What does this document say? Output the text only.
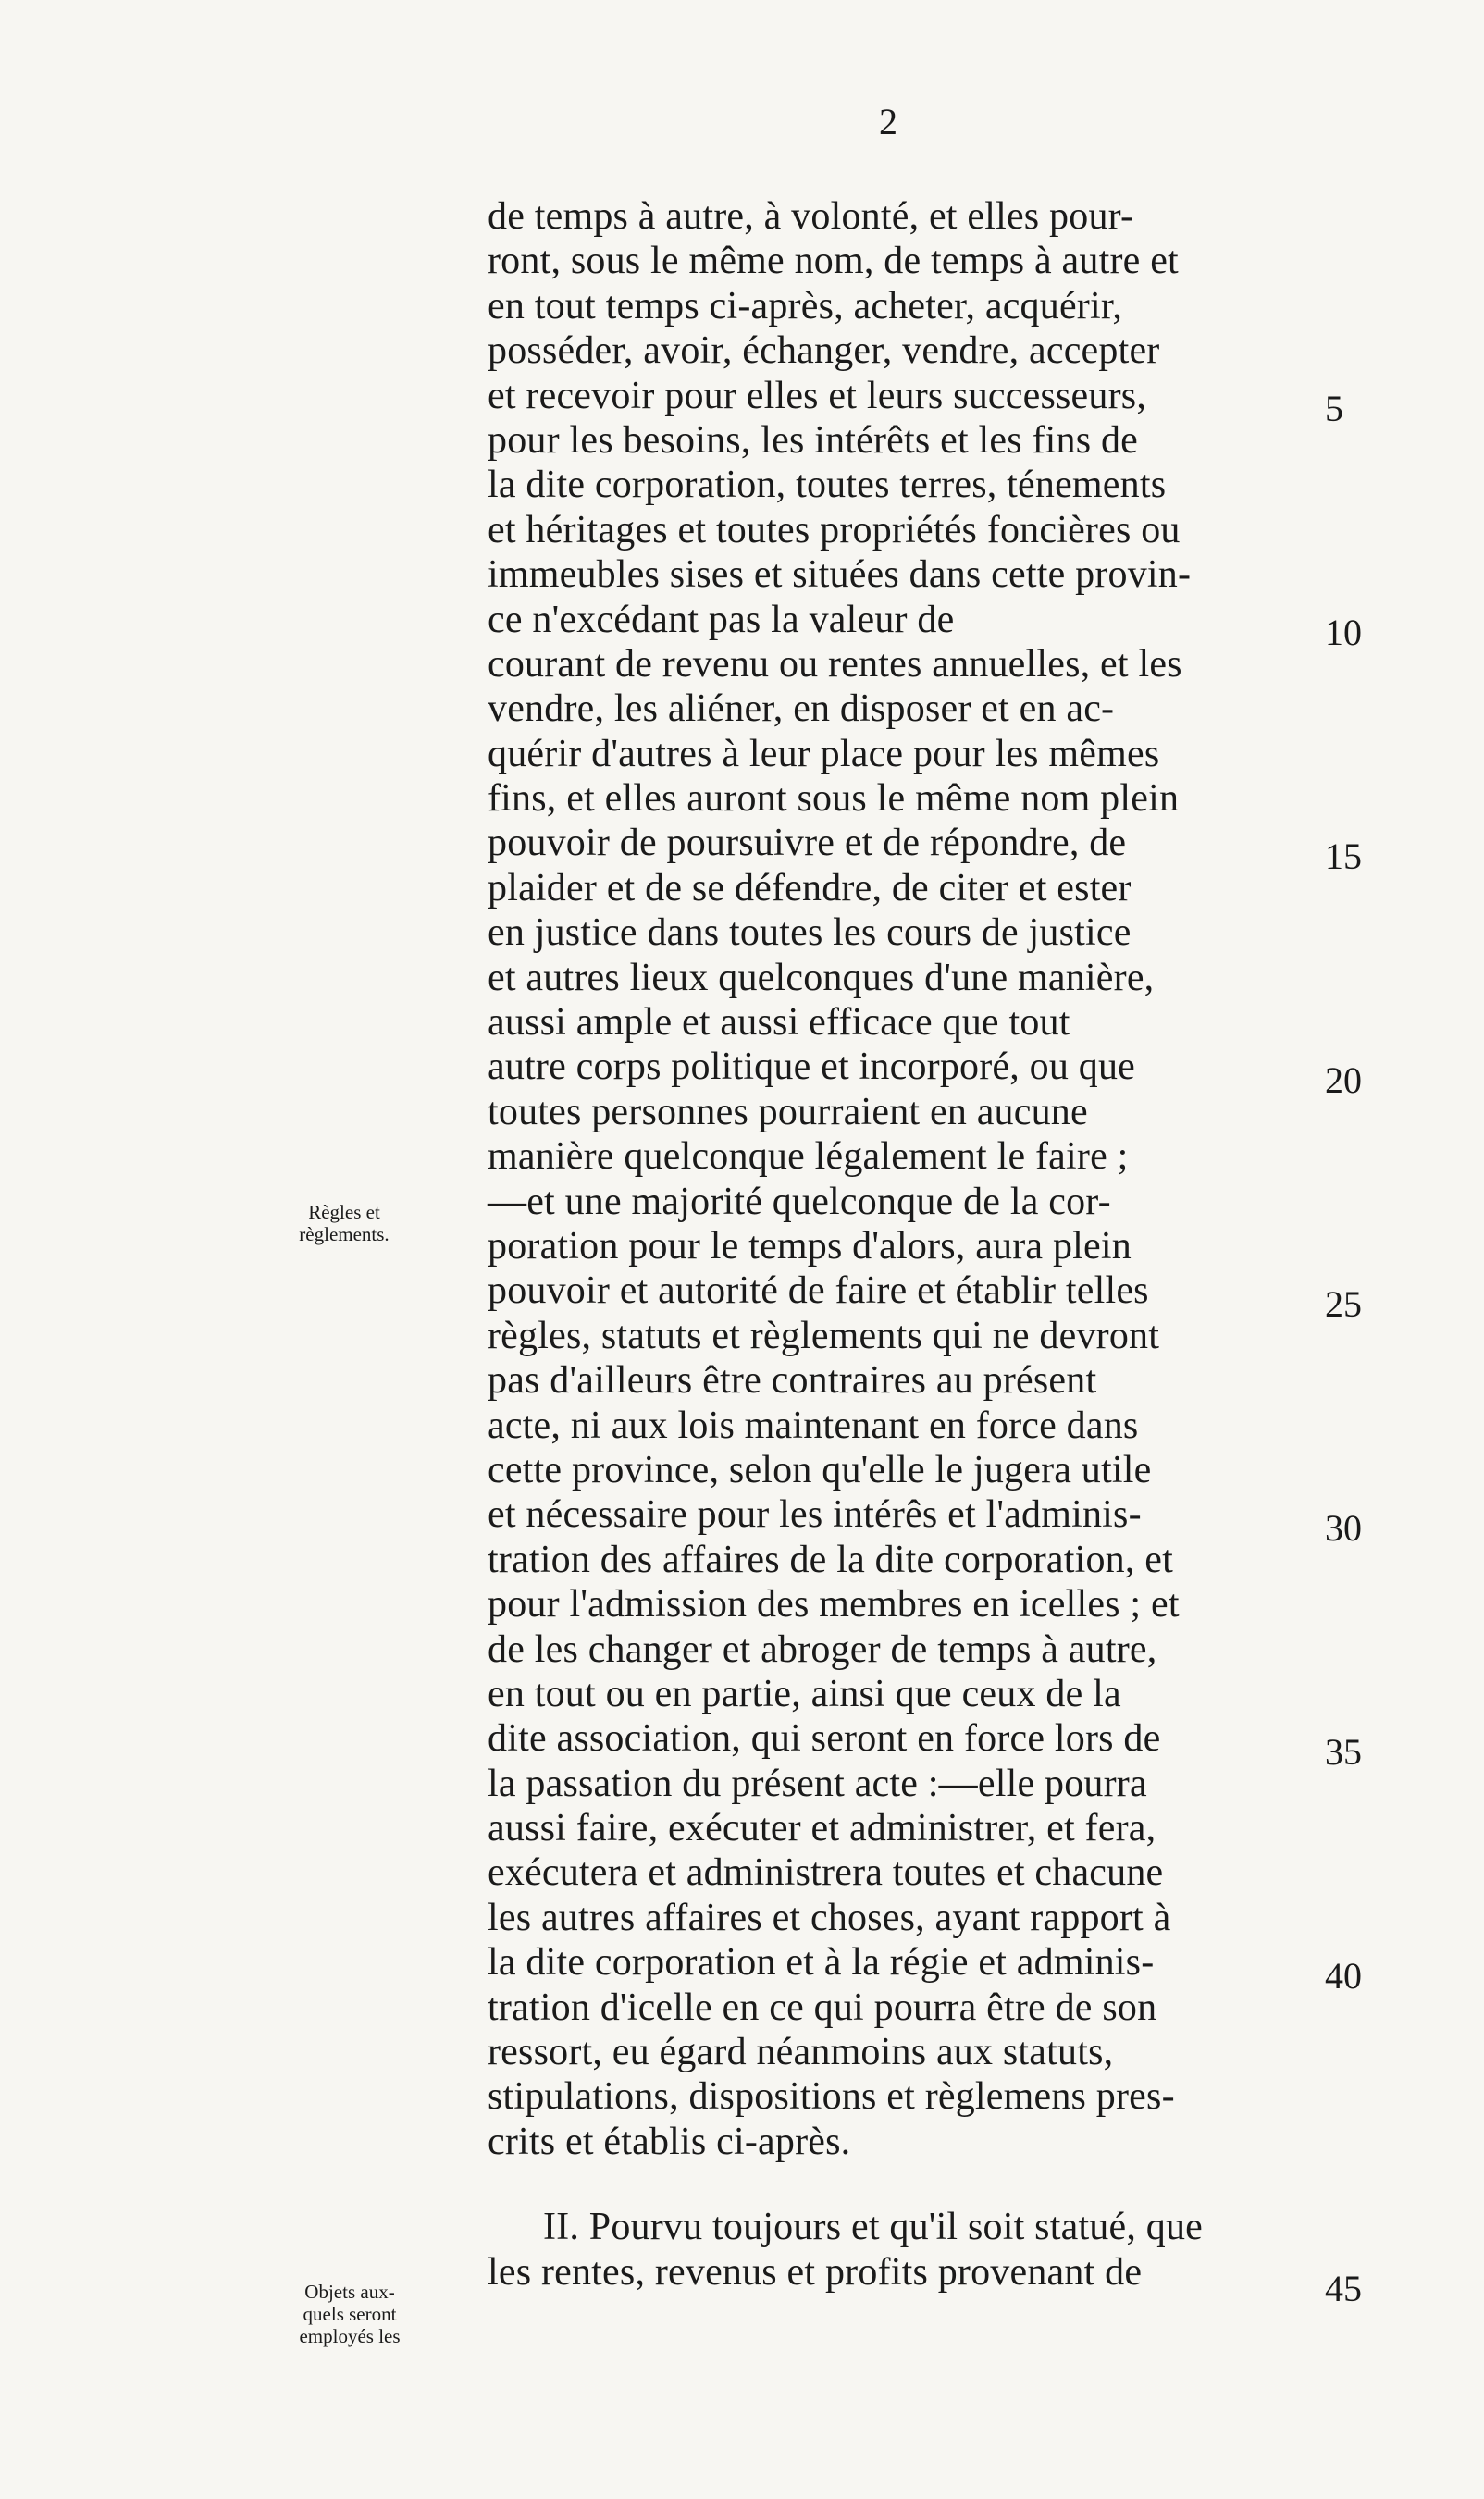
2
de temps à autre, à volonté, et elles pour-
ront, sous le même nom, de temps à autre et
en tout temps ci-après, acheter, acquérir,
posséder, avoir, échanger, vendre, accepter
et recevoir pour elles et leurs successeurs,
pour les besoins, les intérêts et les fins de
la dite corporation, toutes terres, ténements
et héritages et toutes propriétés foncières ou
immeubles sises et situées dans cette provin-
ce n'excédant pas la valeur de
courant de revenu ou rentes annuelles, et les
vendre, les aliéner, en disposer et en ac-
quérir d'autres à leur place pour les mêmes
fins, et elles auront sous le même nom plein
pouvoir de poursuivre et de répondre, de
plaider et de se défendre, de citer et ester
en justice dans toutes les cours de justice
et autres lieux quelconques d'une manière,
aussi ample et aussi efficace que tout
autre corps politique et incorporé, ou que
toutes personnes pourraient en aucune
manière quelconque légalement le faire ;
—et une majorité quelconque de la cor-
poration pour le temps d'alors, aura plein
pouvoir et autorité de faire et établir telles
règles, statuts et règlements qui ne devront
pas d'ailleurs être contraires au présent
acte, ni aux lois maintenant en force dans
cette province, selon qu'elle le jugera utile
et nécessaire pour les intérês et l'adminis-
tration des affaires de la dite corporation, et
pour l'admission des membres en icelles ; et
de les changer et abroger de temps à autre,
en tout ou en partie, ainsi que ceux de la
dite association, qui seront en force lors de
la passation du présent acte :—elle pourra
aussi faire, exécuter et administrer, et fera,
exécutera et administrera toutes et chacune
les autres affaires et choses, ayant rapport à
la dite corporation et à la régie et adminis-
tration d'icelle en ce qui pourra être de son
ressort, eu égard néanmoins aux statuts,
stipulations, dispositions et règlemens pres-
crits et établis ci-après.
II. Pourvu toujours et qu'il soit statué, que
les rentes, revenus et profits provenant de
5
10
15
20
25
30
35
40
45
Règles et
règlements.
Objets aux-
quels seront
employés les
